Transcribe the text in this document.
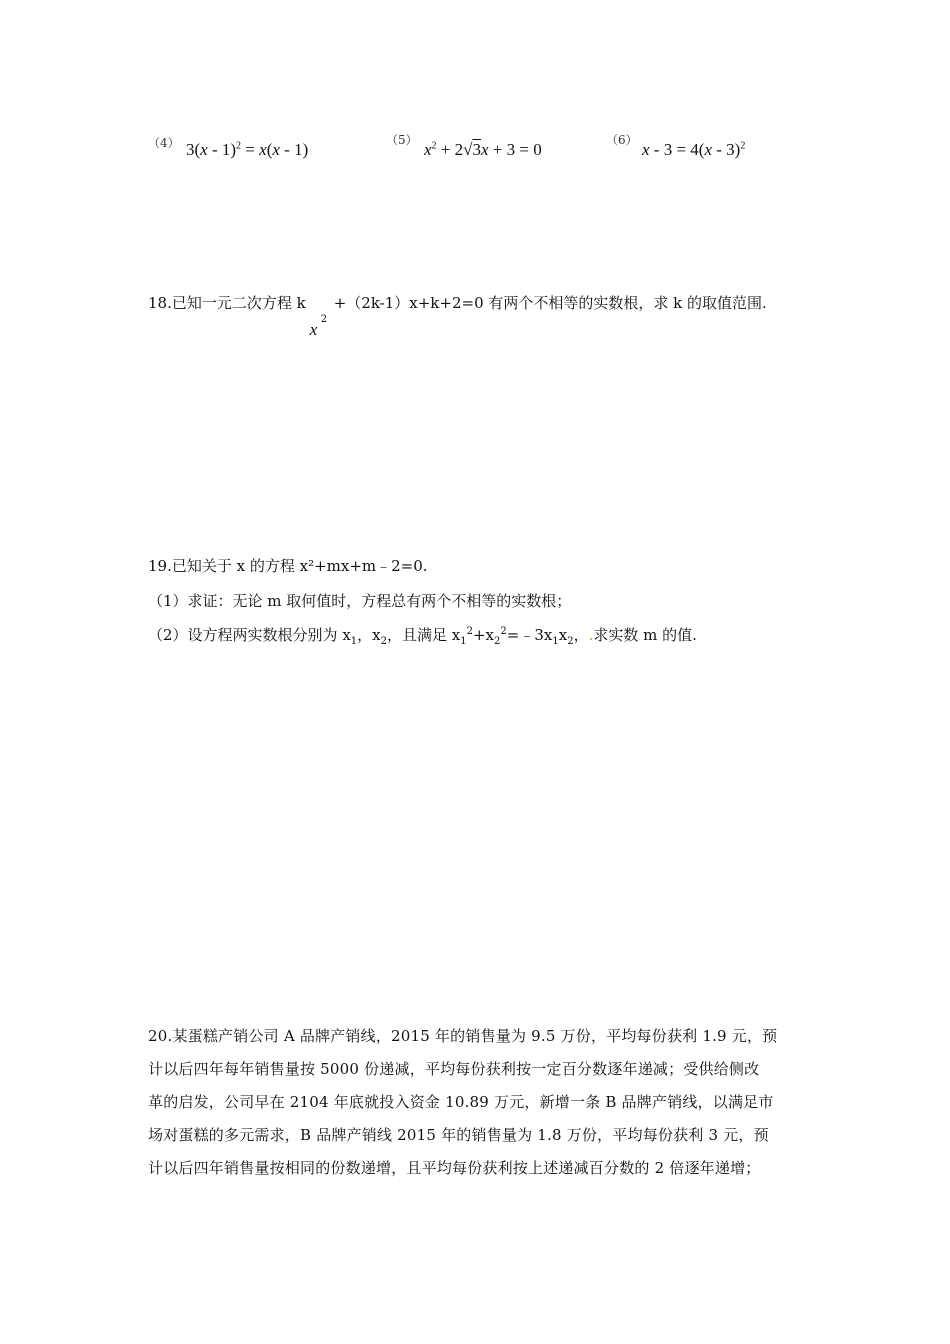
（4） 3(x - 1)$^2$ = x(x - 1)	（5） $x^2 + 2√3x + 3 = 0$	（6） x - 3 = 4(x - 3)$^2$
18.已知一元二次方程 k
x
2
+（2k-1）x+k+2=0 有两个不相等的实数根，求 k 的取值范围.
19.已知关于 x 的方程 x²+mx+m﹣2=0.
（1）求证：无论 m 取何值时，方程总有两个不相等的实数根；
（2）设方程两实数根分别为 $x_1$，$x_2$，且满足 $x_1^2+x_2^2=﹣3x_1x_2$，.求实数 m 的值.
20.某蛋糕产销公司 A 品牌产销线，2015 年的销售量为 9.5 万份，平均每份获利 1.9 元，预
计以后四年每年销售量按 5000 份递减，平均每份获利按一定百分数逐年递减；受供给侧改
革的启发，公司早在 2104 年底就投入资金 10.89 万元，新增一条 B 品牌产销线，以满足市
场对蛋糕的多元需求，B 品牌产销线 2015 年的销售量为 1.8 万份，平均每份获利 3 元，预
计以后四年销售量按相同的份数递增，且平均每份获利按上述递减百分数的 2 倍逐年递增；
